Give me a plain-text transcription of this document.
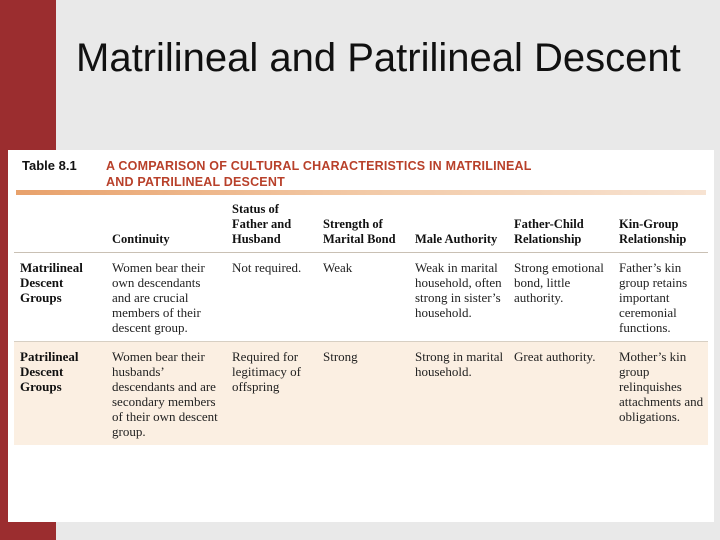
Matrilineal and Patrilineal Descent
Table 8.1 A COMPARISON OF CULTURAL CHARACTERISTICS IN MATRILINEAL
AND PATRILINEAL DESCENT
	Continuity	Status of Father and Husband	Strength of Marital Bond	Male Authority	Father-Child Relationship	Kin-Group Relationship
Matrilineal Descent Groups	Women bear their own descendants and are crucial members of their descent group.	Not required.	Weak	Weak in marital household, often strong in sister’s household.	Strong emotional bond, little authority.	Father’s kin group retains important ceremonial functions.
Patrilineal Descent Groups	Women bear their husbands’ descendants and are secondary members of their own descent group.	Required for legitimacy of offspring	Strong	Strong in marital household.	Great authority.	Mother’s kin group relinquishes attachments and obligations.
